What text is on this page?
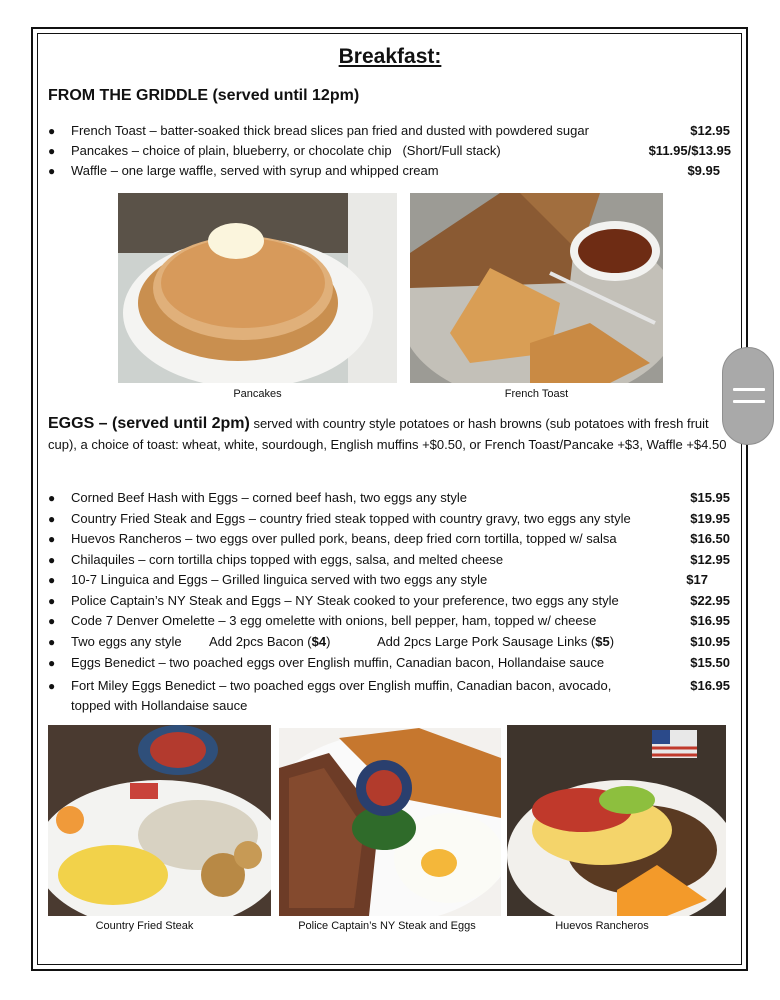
Breakfast:
FROM THE GRIDDLE (served until 12pm)
● French Toast – batter-soaked thick bread slices pan fried and dusted with powdered sugar	$12.95
● Pancakes – choice of plain, blueberry, or chocolate chip   (Short/Full stack)	$11.95/$13.95
● Waffle – one large waffle, served with syrup and whipped cream	$9.95
Pancakes	French Toast
EGGS – (served until 2pm) served with country style potatoes or hash browns (sub potatoes with fresh fruit cup), a choice of toast: wheat, white, sourdough, English muffins +$0.50, or French Toast/Pancake +$3, Waffle +$4.50
● Corned Beef Hash with Eggs – corned beef hash, two eggs any style	$15.95
● Country Fried Steak and Eggs – country fried steak topped with country gravy, two eggs any style	$19.95
● Huevos Rancheros – two eggs over pulled pork, beans, deep fried corn tortilla, topped w/ salsa	$16.50
● Chilaquiles – corn tortilla chips topped with eggs, salsa, and melted cheese	$12.95
● 10-7 Linguica and Eggs – Grilled linguica served with two eggs any style	$17
● Police Captain’s NY Steak and Eggs – NY Steak cooked to your preference, two eggs any style	$22.95
● Code 7 Denver Omelette – 3 egg omelette with onions, bell pepper, ham, topped w/ cheese	$16.95
● Two eggs any style Add 2pcs Bacon ($4)	Add 2pcs Large Pork Sausage Links ($5)	$10.95
● Eggs Benedict – two poached eggs over English muffin, Canadian bacon, Hollandaise sauce	$15.50
● Fort Miley Eggs Benedict – two poached eggs over English muffin, Canadian bacon, avocado, topped with Hollandaise sauce
$16.95
Country Fried Steak	Police Captain’s NY Steak and Eggs	Huevos Rancheros
